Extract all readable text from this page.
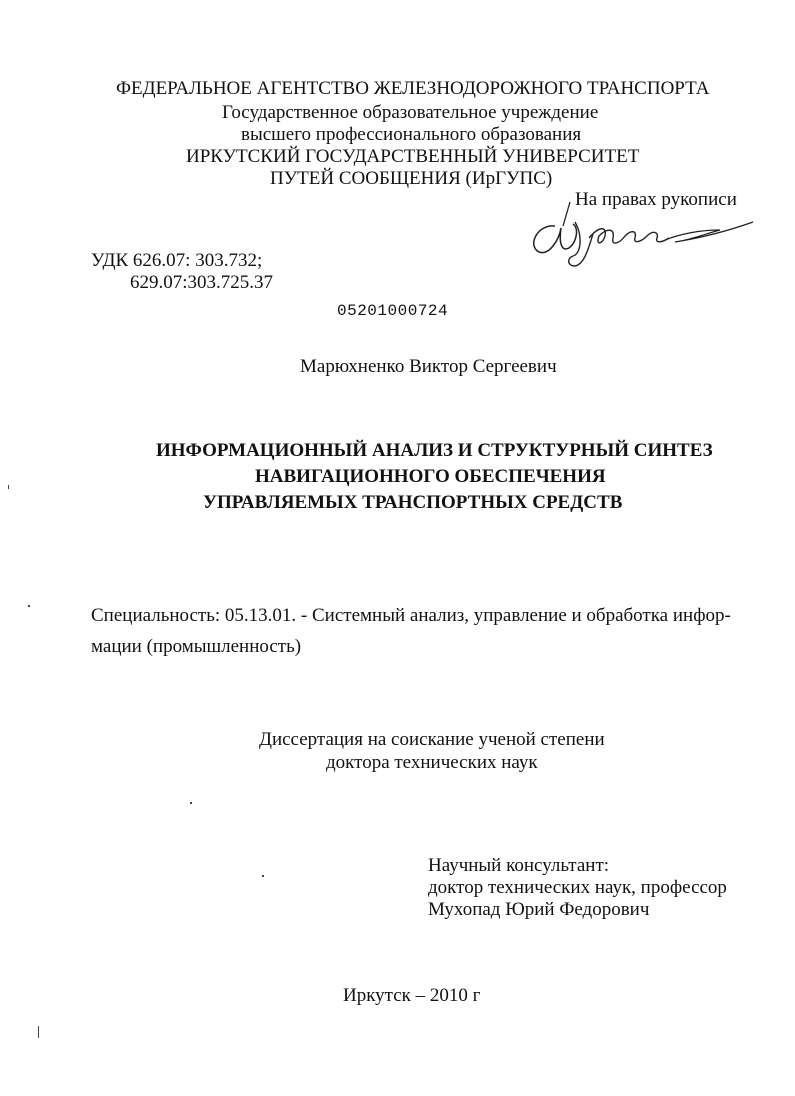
ФЕДЕРАЛЬНОЕ АГЕНТСТВО ЖЕЛЕЗНОДОРОЖНОГО ТРАНСПОРТА
Государственное образовательное учреждение
высшего профессионального образования
ИРКУТСКИЙ ГОСУДАРСТВЕННЫЙ УНИВЕРСИТЕТ
ПУТЕЙ СООБЩЕНИЯ (ИрГУПС)
На правах рукописи
УДК 626.07: 303.732;
629.07:303.725.37
05201000724
Марюхненко Виктор Сергеевич
ИНФОРМАЦИОННЫЙ АНАЛИЗ И СТРУКТУРНЫЙ СИНТЕЗ
НАВИГАЦИОННОГО ОБЕСПЕЧЕНИЯ
УПРАВЛЯЕМЫХ ТРАНСПОРТНЫХ СРЕДСТВ
Специальность: 05.13.01. - Системный анализ, управление и обработка инфор-
мации (промышленность)
Диссертация на соискание ученой степени
доктора технических наук
Научный консультант:
доктор технических наук, профессор
Мухопад Юрий Федорович
Иркутск – 2010 г
